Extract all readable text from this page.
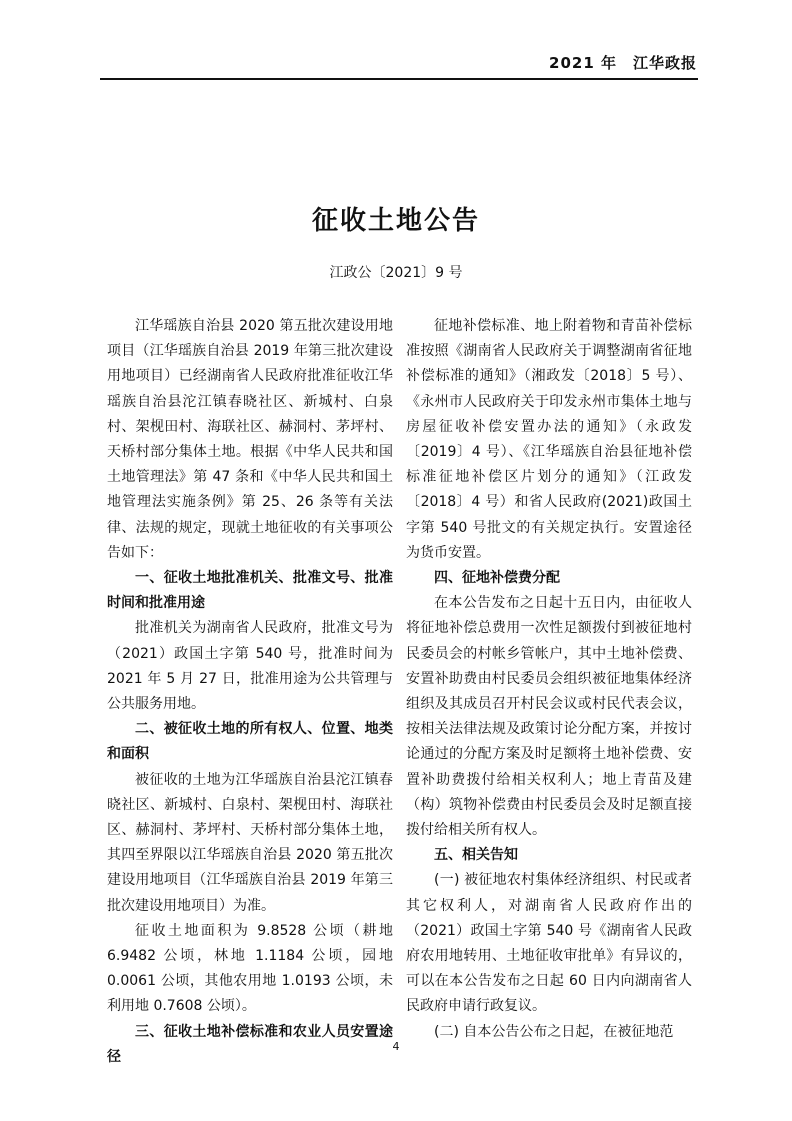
2021 年　江华政报
征收土地公告
江政公〔2021〕9 号

江华瑶族自治县 2020 第五批次建设用地项目（江华瑶族自治县 2019 年第三批次建设用地项目）已经湖南省人民政府批准征收江华瑶族自治县沱江镇春晓社区、新城村、白泉村、架枧田村、海联社区、赫洞村、茅坪村、天桥村部分集体土地。根据《中华人民共和国土地管理法》第 47 条和《中华人民共和国土地管理法实施条例》第 25、26 条等有关法律、法规的规定，现就土地征收的有关事项公告如下：

一、征收土地批准机关、批准文号、批准时间和批准用途

批准机关为湖南省人民政府，批准文号为（2021）政国土字第 540 号，批准时间为 2021 年 5 月 27 日，批准用途为公共管理与公共服务用地。

二、被征收土地的所有权人、位置、地类和面积

被征收的土地为江华瑶族自治县沱江镇春晓社区、新城村、白泉村、架枧田村、海联社区、赫洞村、茅坪村、天桥村部分集体土地，其四至界限以江华瑶族自治县 2020 第五批次建设用地项目（江华瑶族自治县 2019 年第三批次建设用地项目）为准。

征收土地面积为 9.8528 公顷（耕地 6.9482 公顷，林地 1.1184 公顷，园地 0.0061 公顷，其他农用地 1.0193 公顷，未利用地 0.7608 公顷）。

三、征收土地补偿标准和农业人员安置途径

征地补偿标准、地上附着物和青苗补偿标准按照《湖南省人民政府关于调整湖南省征地补偿标准的通知》（湘政发〔2018〕5 号）、《永州市人民政府关于印发永州市集体土地与房屋征收补偿安置办法的通知》（永政发〔2019〕4 号）、《江华瑶族自治县征地补偿标准征地补偿区片划分的通知》（江政发〔2018〕4 号）和省人民政府(2021)政国土字第 540 号批文的有关规定执行。安置途径为货币安置。

四、征地补偿费分配

在本公告发布之日起十五日内，由征收人将征地补偿总费用一次性足额拨付到被征地村民委员会的村帐乡管帐户，其中土地补偿费、安置补助费由村民委员会组织被征地集体经济组织及其成员召开村民会议或村民代表会议，按相关法律法规及政策讨论分配方案，并按讨论通过的分配方案及时足额将土地补偿费、安置补助费拨付给相关权利人；地上青苗及建（构）筑物补偿费由村民委员会及时足额直接拨付给相关所有权人。

五、相关告知

(一) 被征地农村集体经济组织、村民或者其它权利人，对湖南省人民政府作出的（2021）政国土字第 540 号《湖南省人民政府农用地转用、土地征收审批单》有异议的，可以在本公告发布之日起 60 日内向湖南省人民政府申请行政复议。

(二) 自本公告公布之日起，在被征地范

4
